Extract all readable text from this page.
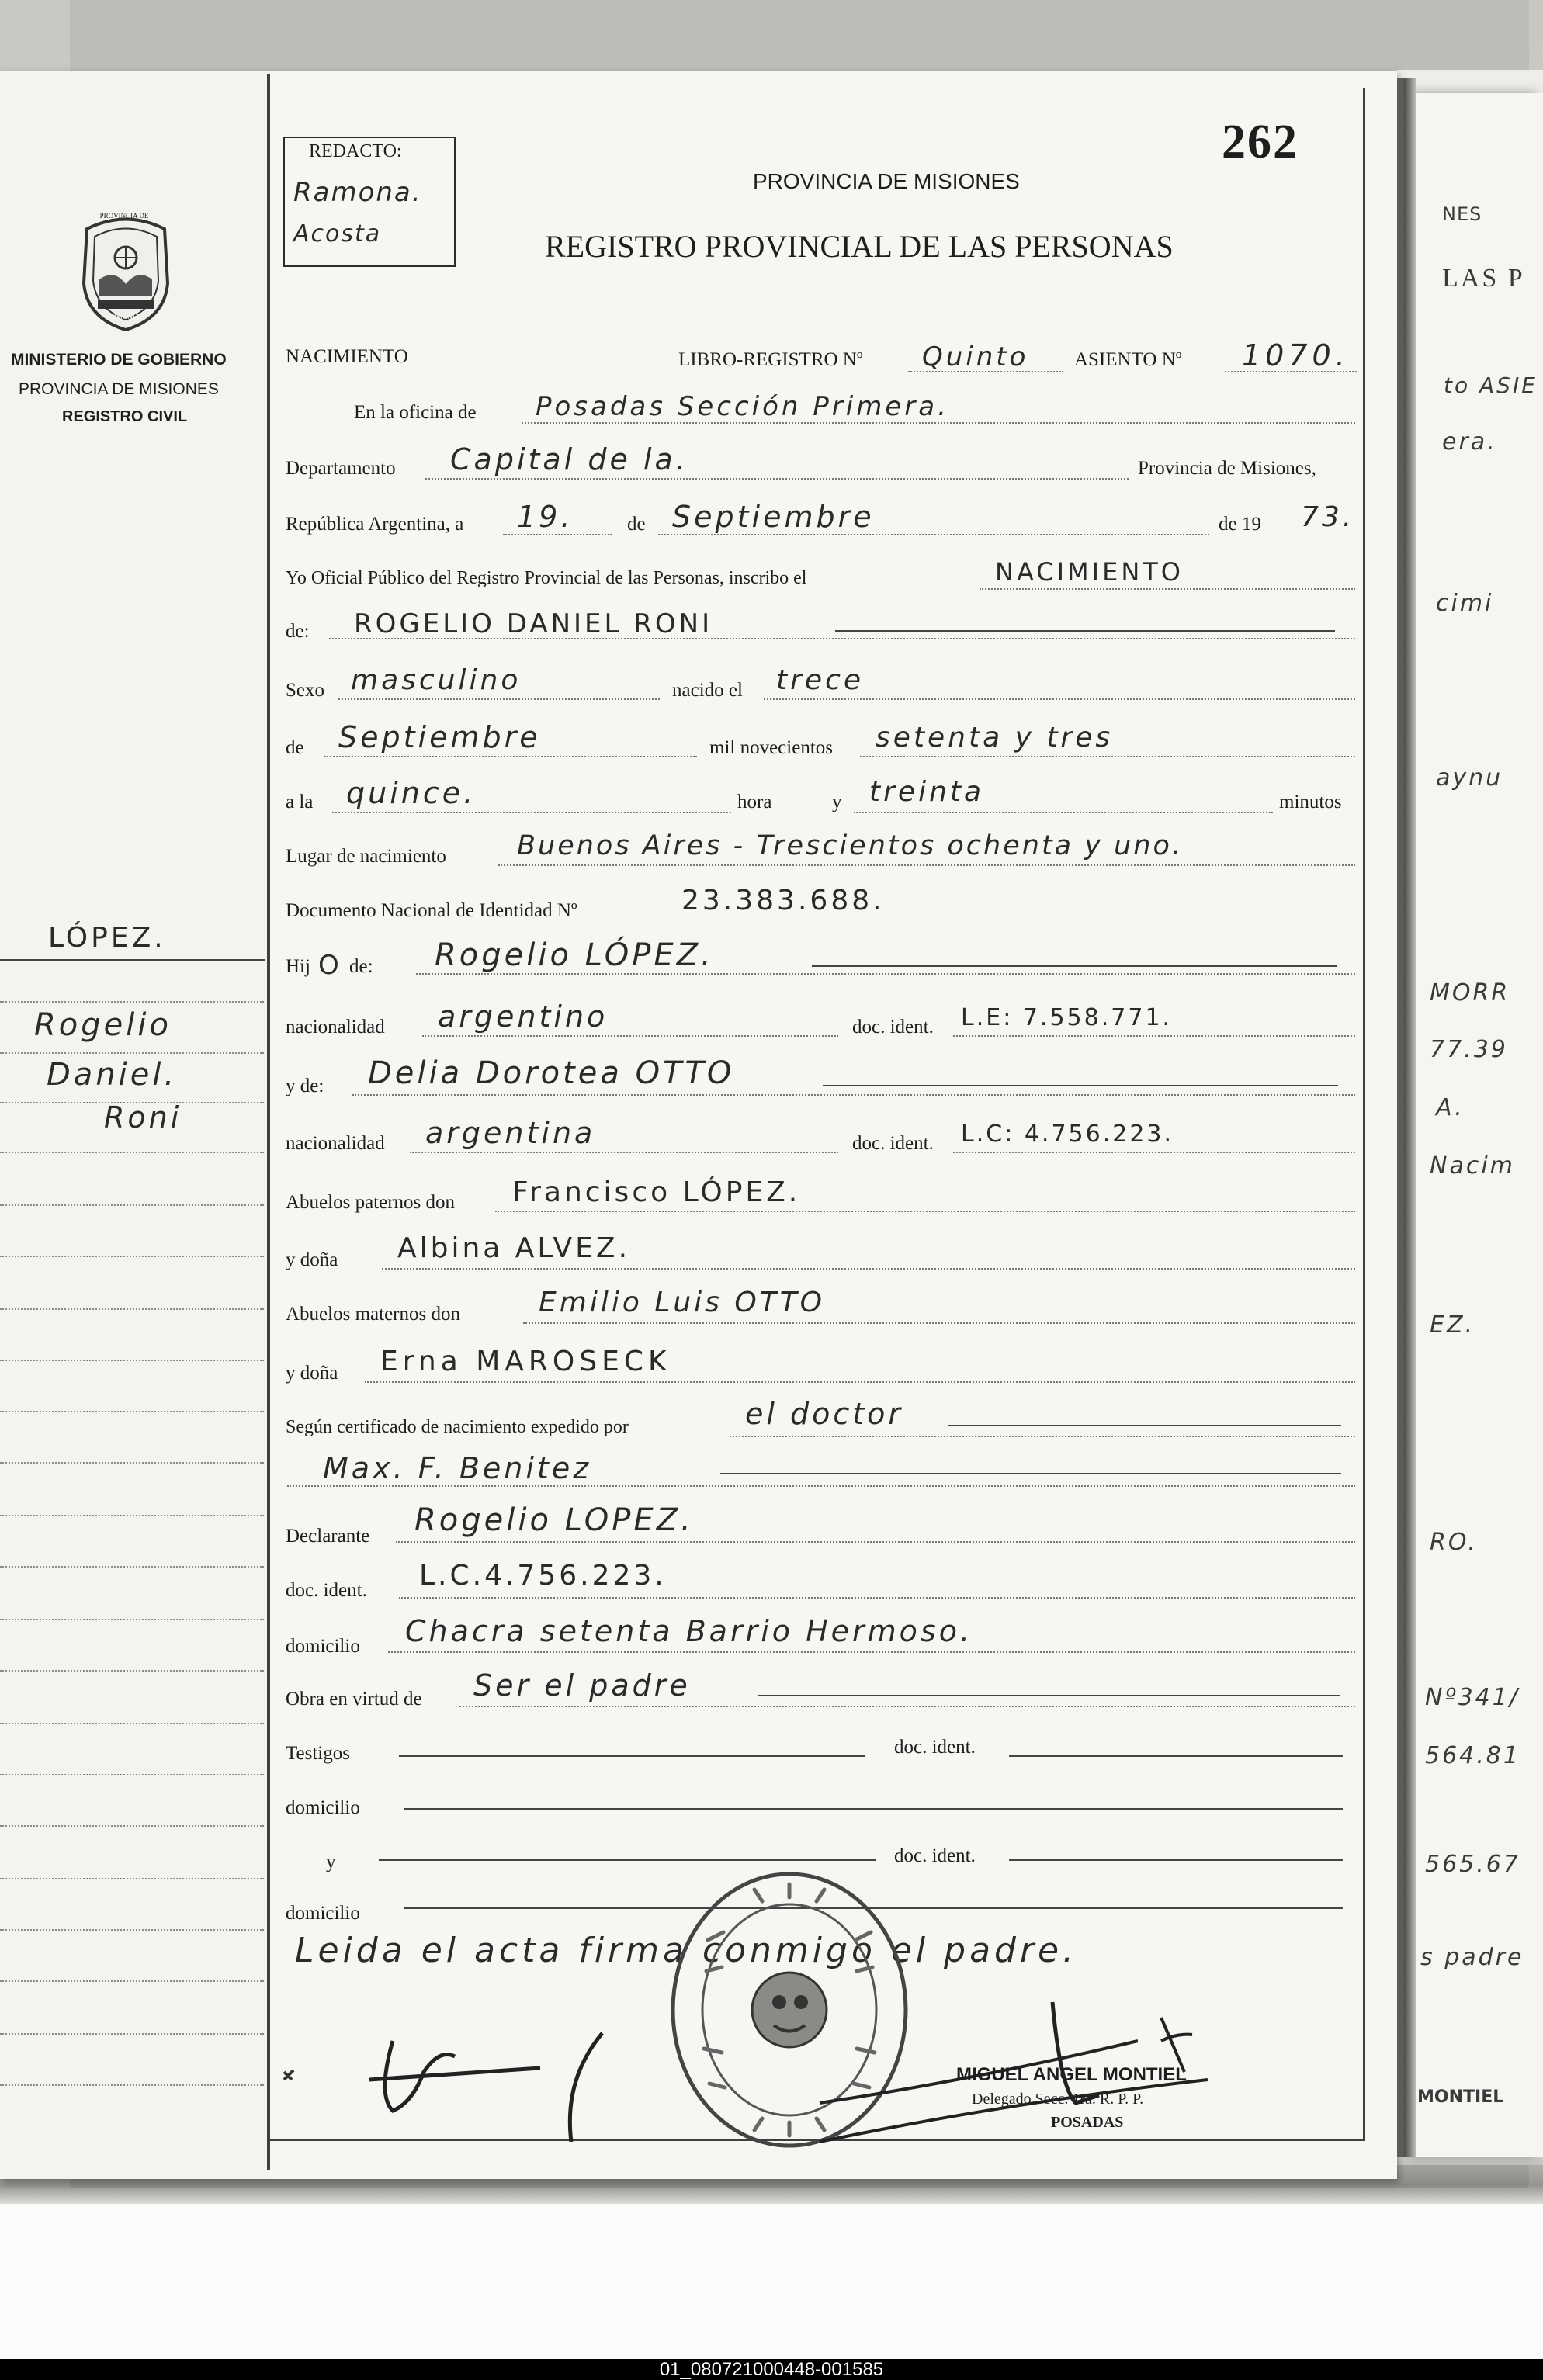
NES
LAS P
to ASIE
era.
cimi
aynu
MORR
77.39
A.
Nacim
EZ.
RO.
Nº341/
564.81
565.67
s padre
MONTIEL
262
REDACTO:
Ramona.
Acosta
PROVINCIA DE MISIONES
REGISTRO PROVINCIAL DE LAS PERSONAS
PROVINCIA DE
MISIONES
MINISTERIO DE GOBIERNO
PROVINCIA DE MISIONES
REGISTRO CIVIL
LÓPEZ.
Rogelio
Daniel.
Roni
NACIMIENTO	LIBRO-REGISTRO Nº Quinto ASIENTO Nº 1070.
En la oficina de Posadas Sección Primera.
Departamento Capital de la.	Provincia de Misiones,
República Argentina, a 19.	de Septiembre	de 19 73.
Yo Oficial Público del Registro Provincial de las Personas, inscribo el	NACIMIENTO
de: ROGELIO DANIEL RONI
Sexo masculino	nacido el trece
de Septiembre	mil novecientos setenta y tres
a la quince.	hora	y treinta	minutos
Lugar de nacimiento	Buenos Aires - Trescientos ochenta y uno.
Documento Nacional de Identidad Nº	23.383.688.
Hij O de: Rogelio LÓPEZ.
nacionalidad argentino	doc. ident. L.E: 7.558.771.
y de: Delia Dorotea OTTO
nacionalidad argentina	doc. ident. L.C: 4.756.223.
Abuelos paternos don Francisco LÓPEZ.
y doña Albina ALVEZ.
Abuelos maternos don	Emilio Luis OTTO
y doña Erna MAROSECK
Según certificado de nacimiento expedido por	el doctor
Max. F. Benitez
Declarante Rogelio LOPEZ.
doc. ident. L.C.4.756.223.
domicilio Chacra setenta Barrio Hermoso.
Obra en virtud de Ser el padre
Testigos	doc. ident.
domicilio
y	doc. ident.
domicilio
Leida el acta firma conmigo el padre.
MIGUEL ANGEL MONTIEL
Delegado Secc. 1ra. R. P. P.
POSADAS
01_080721000448-001585
